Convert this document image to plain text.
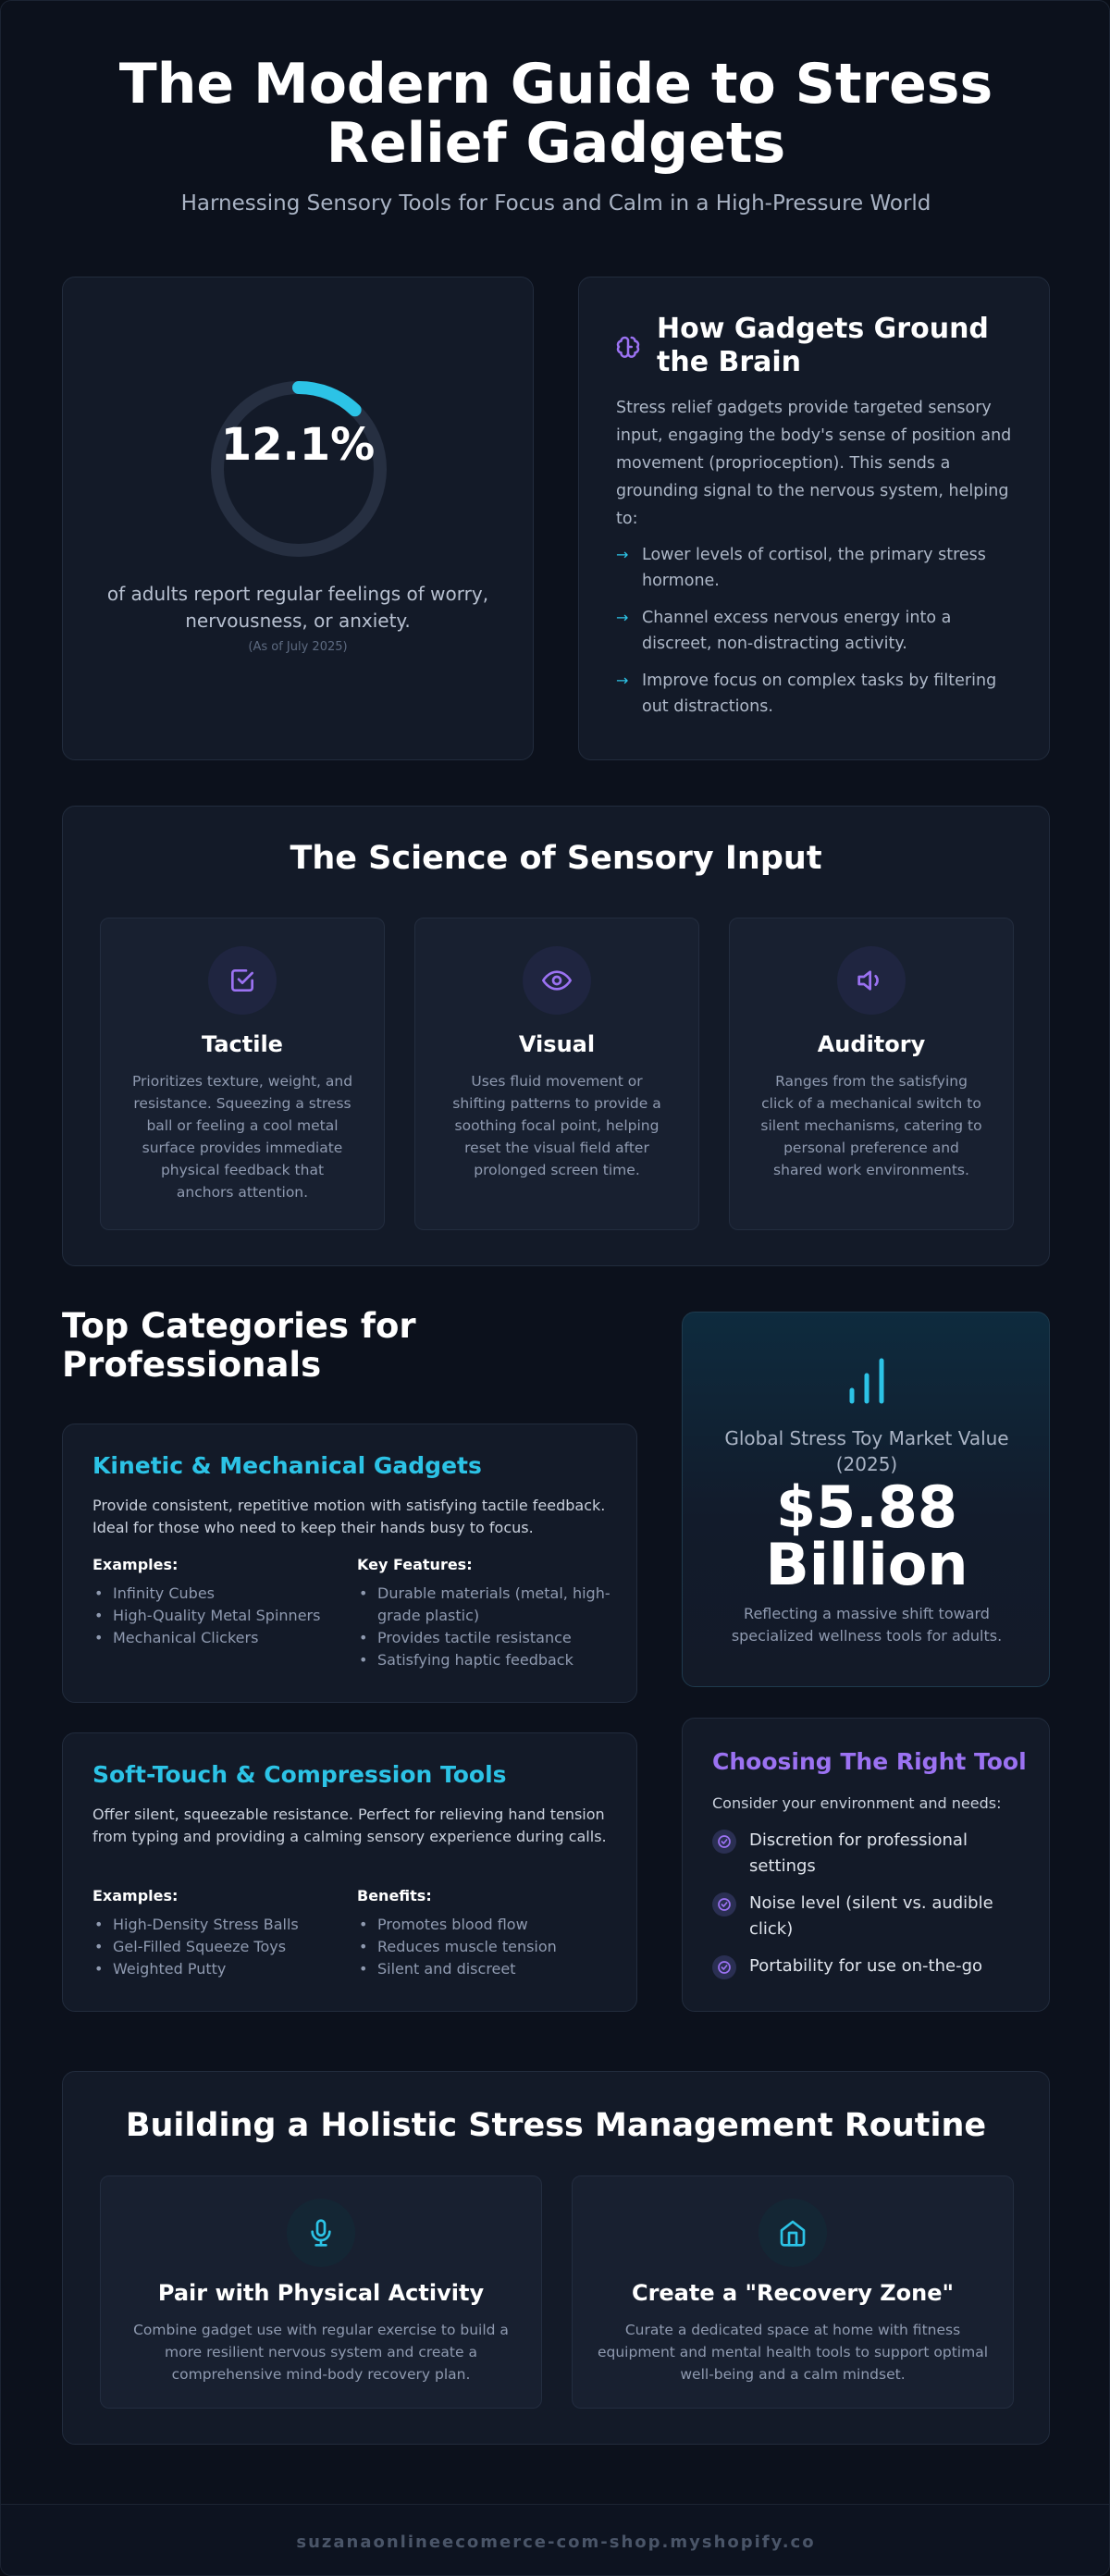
The Modern Guide to Stress Relief Gadgets
Harnessing Sensory Tools for Focus and Calm in a High-Pressure World
12.1%
of adults report regular feelings of worry, nervousness, or anxiety.
(As of July 2025)
How Gadgets Ground the Brain
Stress relief gadgets provide targeted sensory input, engaging the body's sense of position and movement (proprioception). This sends a grounding signal to the nervous system, helping to:
→ Lower levels of cortisol, the primary stress hormone.
→ Channel excess nervous energy into a discreet, non-distracting activity.
→ Improve focus on complex tasks by filtering out distractions.
The Science of Sensory Input
Tactile
Prioritizes texture, weight, and resistance. Squeezing a stress ball or feeling a cool metal surface provides immediate physical feedback that anchors attention.
Visual
Uses fluid movement or shifting patterns to provide a soothing focal point, helping reset the visual field after prolonged screen time.
Auditory
Ranges from the satisfying click of a mechanical switch to silent mechanisms, catering to personal preference and shared work environments.
Top Categories for Professionals
Kinetic & Mechanical Gadgets
Provide consistent, repetitive motion with satisfying tactile feedback. Ideal for those who need to keep their hands busy to focus.
Examples:
• Infinity Cubes
• High-Quality Metal Spinners
• Mechanical Clickers
Key Features:
• Durable materials (metal, high-grade plastic)
• Provides tactile resistance
• Satisfying haptic feedback
Soft-Touch & Compression Tools
Offer silent, squeezable resistance. Perfect for relieving hand tension from typing and providing a calming sensory experience during calls.
Examples:
• High-Density Stress Balls
• Gel-Filled Squeeze Toys
• Weighted Putty
Benefits:
• Promotes blood flow
• Reduces muscle tension
• Silent and discreet
Global Stress Toy Market Value (2025)
$5.88 Billion
Reflecting a massive shift toward specialized wellness tools for adults.
Choosing The Right Tool
Consider your environment and needs:
Discretion for professional settings
Noise level (silent vs. audible click)
Portability for use on-the-go
Building a Holistic Stress Management Routine
Pair with Physical Activity
Combine gadget use with regular exercise to build a more resilient nervous system and create a comprehensive mind-body recovery plan.
Create a "Recovery Zone"
Curate a dedicated space at home with fitness equipment and mental health tools to support optimal well-being and a calm mindset.
suzanaonlineecomerce-com-shop.myshopify.co
